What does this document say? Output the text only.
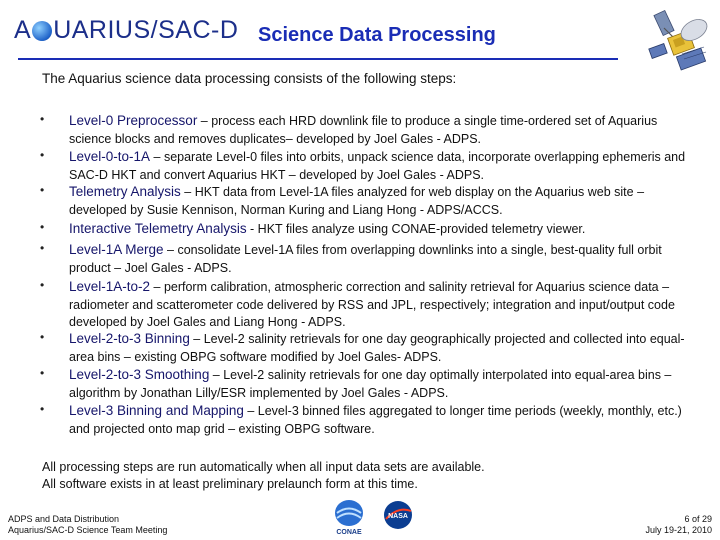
A UARIUS /SAC-D Science Data Processing
The Aquarius science data processing consists of the following steps:
•	Level-0 Preprocessor – process each HRD downlink file to produce a single time-ordered set of Aquarius science blocks and removes duplicates– developed by Joel Gales - ADPS.
•	Level-0-to-1A – separate Level-0 files into orbits, unpack science data, incorporate overlapping ephemeris and SAC-D HKT and convert Aquarius HKT – developed by Joel Gales - ADPS.
•	Telemetry Analysis – HKT data from Level-1A files analyzed for web display on the Aquarius web site – developed by Susie Kennison, Norman Kuring and Liang Hong - ADPS/ACCS.
•	Interactive Telemetry Analysis - HKT files analyze using CONAE-provided telemetry viewer.
•	Level-1A Merge – consolidate Level-1A files from overlapping downlinks into a single, best-quality full orbit product – Joel Gales - ADPS.
•	Level-1A-to-2 – perform calibration, atmospheric correction and salinity retrieval for Aquarius science data – radiometer and scatterometer code delivered by RSS and JPL, respectively; integration and input/output code developed by Joel Gales and Liang Hong - ADPS.
•	Level-2-to-3 Binning – Level-2 salinity retrievals for one day geographically projected and collected into equal-area bins – existing OBPG software modified by Joel Gales- ADPS.
•	Level-2-to-3 Smoothing – Level-2 salinity retrievals for one day optimally interpolated into equal-area bins – algorithm by Jonathan Lilly/ESR implemented by Joel Gales - ADPS.
•	Level-3 Binning and Mapping – Level-3 binned files aggregated to longer time periods (weekly, monthly, etc.) and projected onto map grid – existing OBPG software.
All processing steps are run automatically when all input data sets are available.
All software exists in at least preliminary prelaunch form at this time.
ADPS and Data Distribution
Aquarius/SAC-D Science Team Meeting	CONAE
NASA	6 of 29
July 19-21, 2010
